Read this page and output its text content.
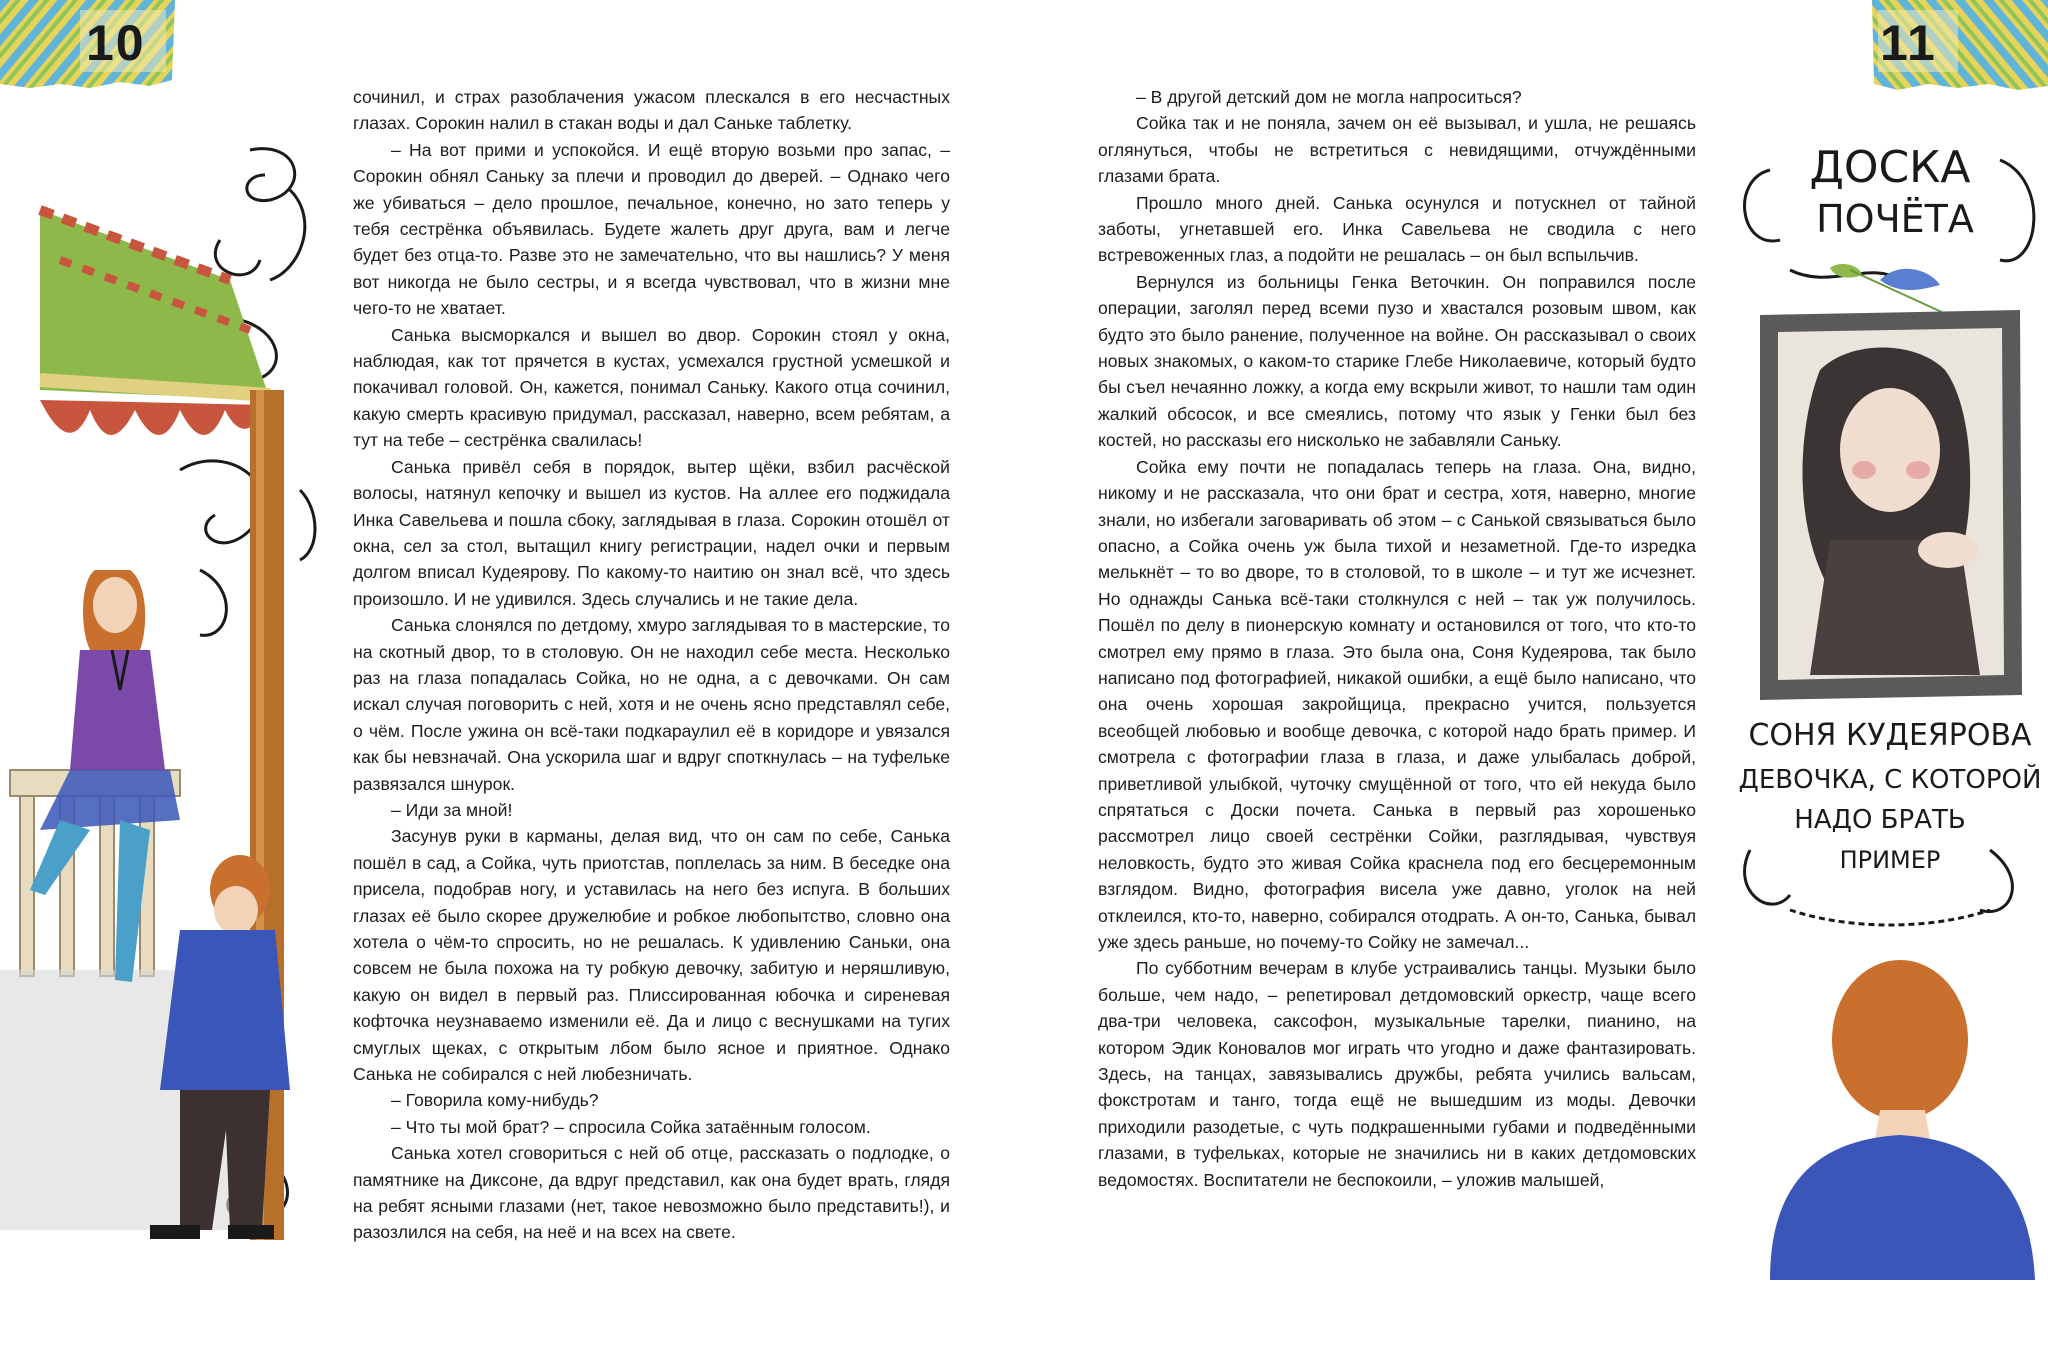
10	11

сочинил, и страх разоблачения ужасом плескался в его несчастных глазах. Сорокин налил в стакан воды и дал Саньке таблетку.

– На вот прими и успокойся. И ещё вторую возьми про запас, – Сорокин обнял Саньку за плечи и проводил до дверей. – Однако чего же убиваться – дело прошлое, печальное, конечно, но зато теперь у тебя сестрёнка объявилась. Будете жалеть друг друга, вам и легче будет без отца-то. Разве это не замечательно, что вы нашлись? У меня вот никогда не было сестры, и я всегда чувствовал, что в жизни мне чего-то не хватает.

Санька высморкался и вышел во двор. Сорокин стоял у окна, наблюдая, как тот прячется в кустах, усмехался грустной усмешкой и покачивал головой. Он, кажется, понимал Саньку. Какого отца сочинил, какую смерть красивую придумал, рассказал, наверно, всем ребятам, а тут на тебе – сестрёнка свалилась!

Санька привёл себя в порядок, вытер щёки, взбил расчёской волосы, натянул кепочку и вышел из кустов. На аллее его поджидала Инка Савельева и пошла сбоку, заглядывая в глаза. Сорокин отошёл от окна, сел за стол, вытащил книгу регистрации, надел очки и первым долгом вписал Кудеярову. По какому-то наитию он знал всё, что здесь произошло. И не удивился. Здесь случались и не такие дела.

Санька слонялся по детдому, хмуро заглядывая то в мастерские, то на скотный двор, то в столовую. Он не находил себе места. Несколько раз на глаза попадалась Сойка, но не одна, а с девочками. Он сам искал случая поговорить с ней, хотя и не очень ясно представлял себе, о чём. После ужина он всё-таки подкараулил её в коридоре и увязался как бы невзначай. Она ускорила шаг и вдруг споткнулась – на туфельке развязался шнурок.

– Иди за мной!

Засунув руки в карманы, делая вид, что он сам по себе, Санька пошёл в сад, а Сойка, чуть приотстав, поплелась за ним. В беседке она присела, подобрав ногу, и уставилась на него без испуга. В больших глазах её было скорее дружелюбие и робкое любопытство, словно она хотела о чём-то спросить, но не решалась. К удивлению Саньки, она совсем не была похожа на ту робкую девочку, забитую и неряшливую, какую он видел в первый раз. Плиссированная юбочка и сиреневая кофточка неузнаваемо изменили её. Да и лицо с веснушками на тугих смуглых щеках, с открытым лбом было ясное и приятное. Однако Санька не собирался с ней любезничать.

– Говорила кому-нибудь?

– Что ты мой брат? – спросила Сойка затаённым голосом.

Санька хотел сговориться с ней об отце, рассказать о подлодке, о памятнике на Диксоне, да вдруг представил, как она будет врать, глядя на ребят ясными глазами (нет, такое невозможно было представить!), и разозлился на себя, на неё и на всех на свете.

– В другой детский дом не могла напроситься?

Сойка так и не поняла, зачем он её вызывал, и ушла, не решаясь оглянуться, чтобы не встретиться с невидящими, отчуждёнными глазами брата.

Прошло много дней. Санька осунулся и потускнел от тайной заботы, угнетавшей его. Инка Савельева не сводила с него встревоженных глаз, а подойти не решалась – он был вспыльчив.

Вернулся из больницы Генка Веточкин. Он поправился после операции, заголял перед всеми пузо и хвастался розовым швом, как будто это было ранение, полученное на войне. Он рассказывал о своих новых знакомых, о каком-то старике Глебе Николаевиче, который будто бы съел нечаянно ложку, а когда ему вскрыли живот, то нашли там один жалкий обсосок, и все смеялись, потому что язык у Генки был без костей, но рассказы его нисколько не забавляли Саньку.

Сойка ему почти не попадалась теперь на глаза. Она, видно, никому и не рассказала, что они брат и сестра, хотя, наверно, многие знали, но избегали заговаривать об этом – с Санькой связываться было опасно, а Сойка очень уж была тихой и незаметной. Где-то изредка мелькнёт – то во дворе, то в столовой, то в школе – и тут же исчезнет. Но однажды Санька всё-таки столкнулся с ней – так уж получилось. Пошёл по делу в пионерскую комнату и остановился от того, что кто-то смотрел ему прямо в глаза. Это была она, Соня Кудеярова, так было написано под фотографией, никакой ошибки, а ещё было написано, что она очень хорошая закройщица, прекрасно учится, пользуется всеобщей любовью и вообще девочка, с которой надо брать пример. И смотрела с фотографии глаза в глаза, и даже улыбалась доброй, приветливой улыбкой, чуточку смущённой от того, что ей некуда было спрятаться с Доски почета. Санька в первый раз хорошенько рассмотрел лицо своей сестрёнки Сойки, разглядывая, чувствуя неловкость, будто это живая Сойка краснела под его бесцеремонным взглядом. Видно, фотография висела уже давно, уголок на ней отклеился, кто-то, наверно, собирался отодрать. А он-то, Санька, бывал уже здесь раньше, но почему-то Сойку не замечал...

По субботним вечерам в клубе устраивались танцы. Музыки было больше, чем надо, – репетировал детдомовский оркестр, чаще всего два-три человека, саксофон, музыкальные тарелки, пианино, на котором Эдик Коновалов мог играть что угодно и даже фантазировать. Здесь, на танцах, завязывались дружбы, ребята учились вальсам, фокстротам и танго, тогда ещё не вышедшим из моды. Девочки приходили разодетые, с чуть подкрашенными губами и подведёнными глазами, в туфельках, которые не значились ни в каких детдомовских ведомостях. Воспитатели не беспокоили, – уложив малышей,

ДОСКА
ПОЧЁТА
СОНЯ КУДЕЯРОВА
ДЕВОЧКА, С КОТОРОЙ
НАДО БРАТЬ
ПРИМЕР
